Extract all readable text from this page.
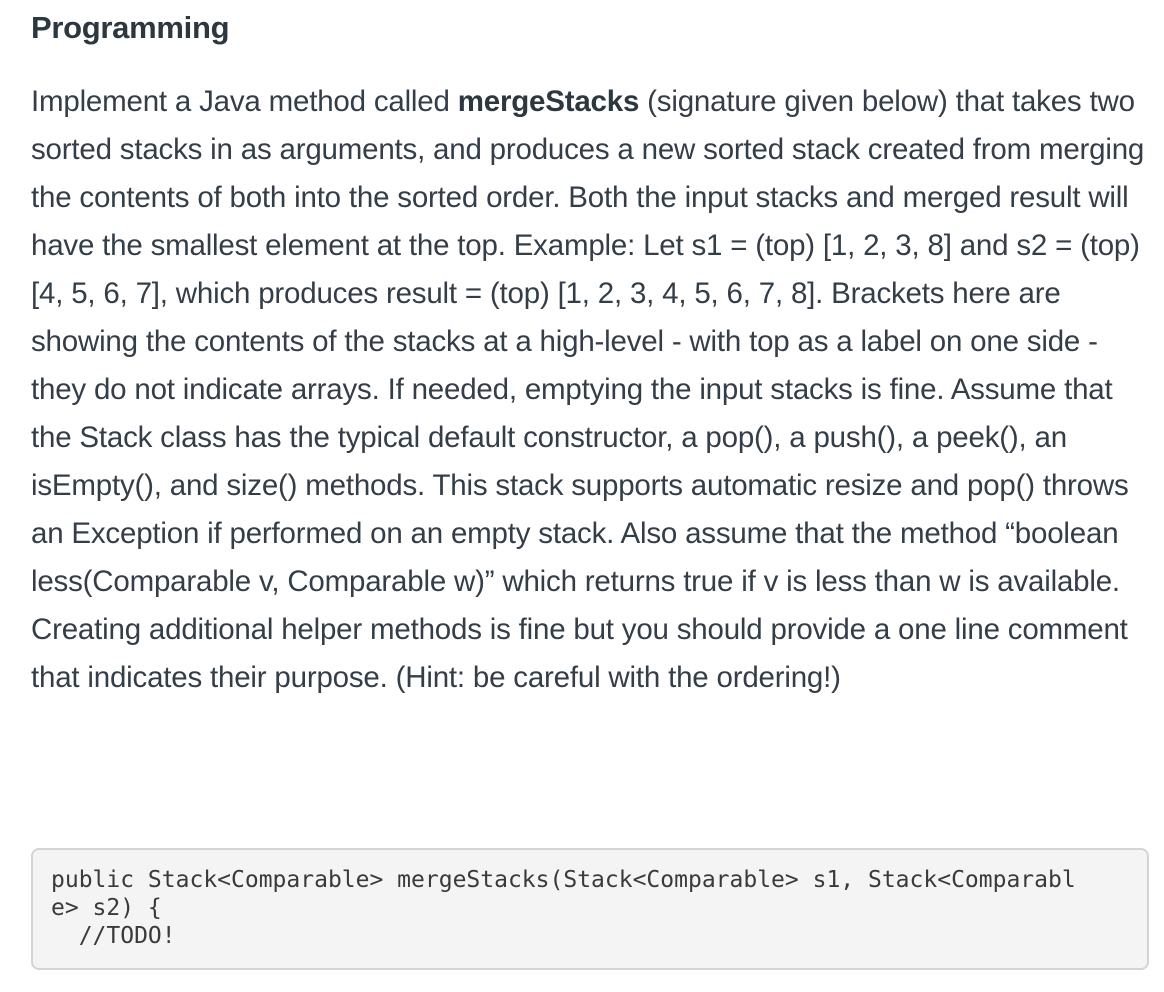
Programming

Implement a Java method called mergeStacks (signature given below) that takes two sorted stacks in as arguments, and produces a new sorted stack created from merging the contents of both into the sorted order. Both the input stacks and merged result will have the smallest element at the top. Example: Let s1 = (top) [1, 2, 3, 8] and s2 = (top) [4, 5, 6, 7], which produces result = (top) [1, 2, 3, 4, 5, 6, 7, 8]. Brackets here are showing the contents of the stacks at a high-level - with top as a label on one side - they do not indicate arrays. If needed, emptying the input stacks is fine. Assume that the Stack class has the typical default constructor, a pop(), a push(), a peek(), an isEmpty(), and size() methods. This stack supports automatic resize and pop() throws an Exception if performed on an empty stack. Also assume that the method “boolean less(Comparable v, Comparable w)” which returns true if v is less than w is available. Creating additional helper methods is fine but you should provide a one line comment that indicates their purpose. (Hint: be careful with the ordering!)

public Stack<Comparable> mergeStacks(Stack<Comparable> s1, Stack<Comparabl
e> s2) {
//TODO!
